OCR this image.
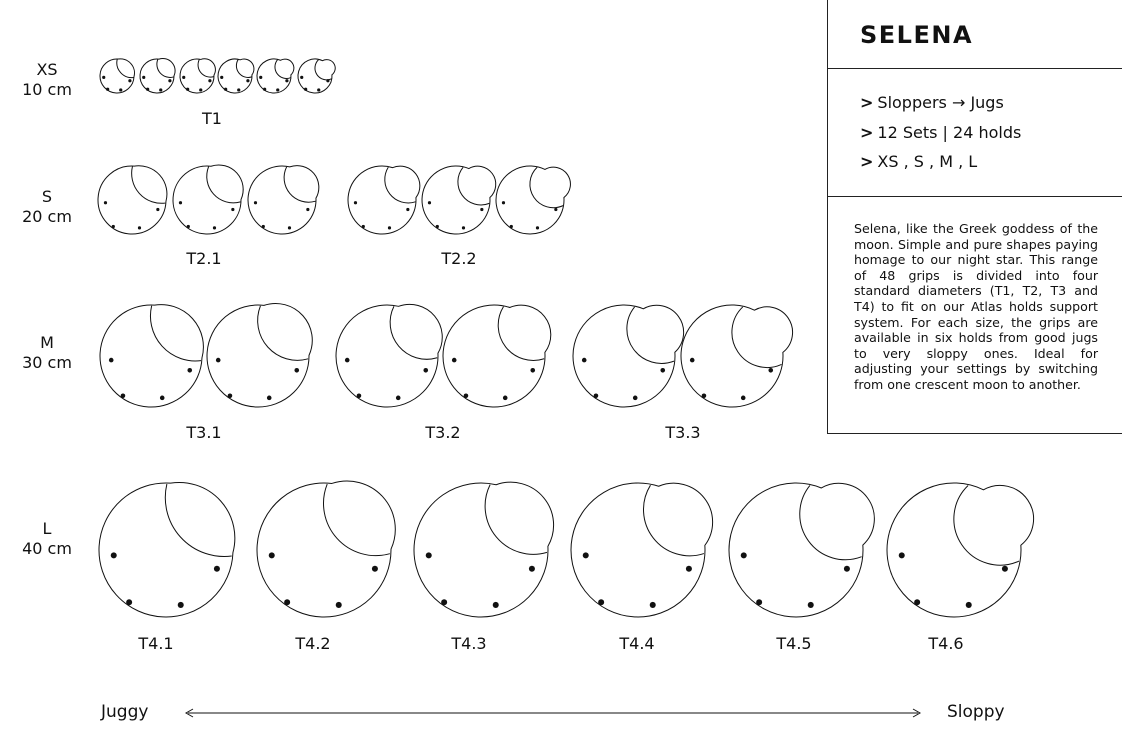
XS
10 cm
S
20 cm
M
30 cm
L
40 cm
T1
T2.1	T2.2
T3.1	T3.2	T3.3
T4.1	T4.2	T4.3	T4.4	T4.5	T4.6
Juggy	Sloppy
SELENA
> Sloppers → Jugs
> 12 Sets | 24 holds
> XS , S , M , L
Selena, like the Greek goddess of the moon. Simple and pure shapes paying homage to our night star. This range of 48 grips is divided into four standard diameters (T1, T2, T3 and T4) to fit on our Atlas holds support system. For each size, the grips are available in six holds from good jugs to very sloppy ones. Ideal for adjusting your settings by switching from one crescent moon to another.
